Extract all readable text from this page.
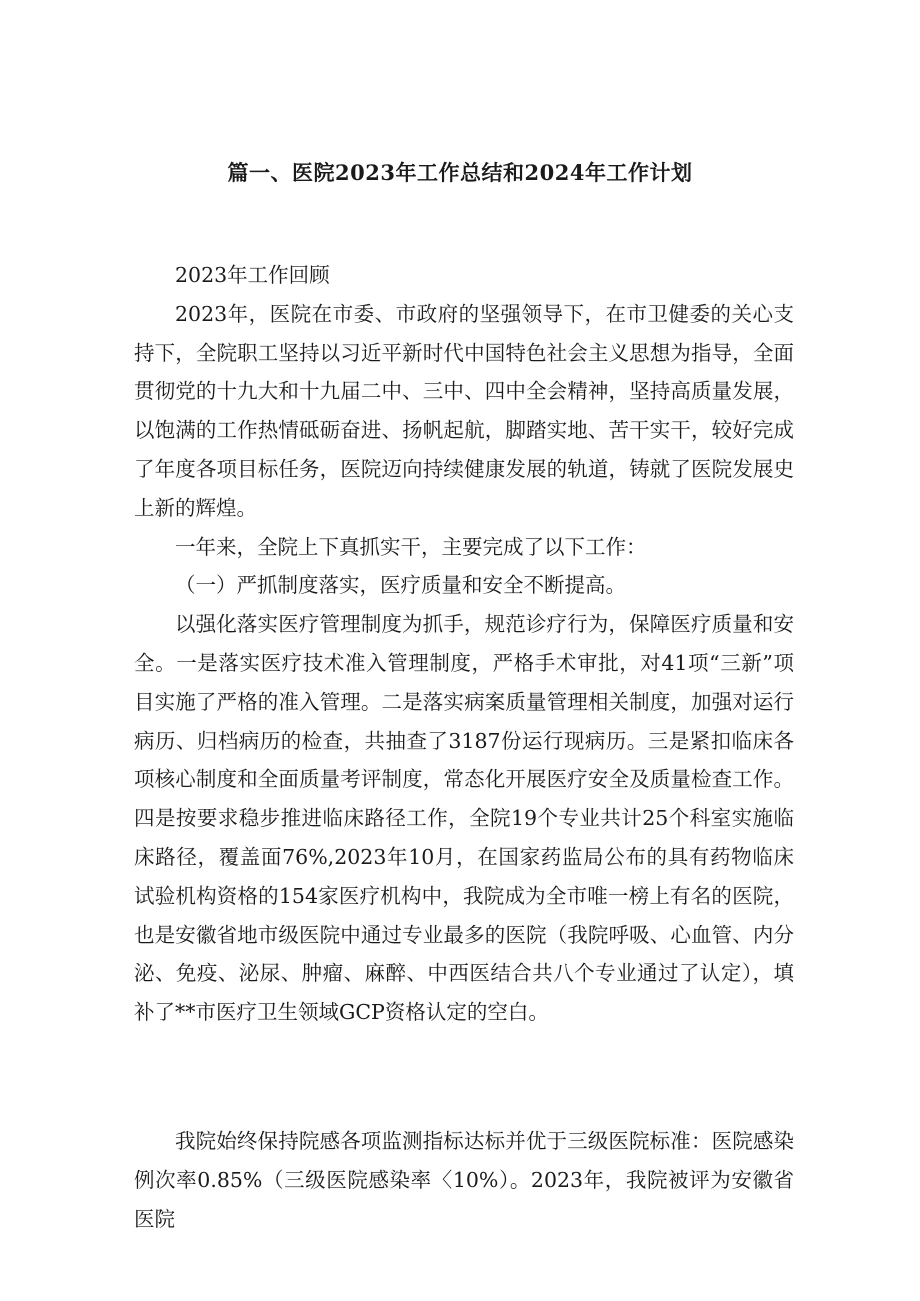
篇一、医院2023年工作总结和2024年工作计划

2023年工作回顾

2023年，医院在市委、市政府的坚强领导下，在市卫健委的关心支持下，全院职工坚持以习近平新时代中国特色社会主义思想为指导，全面贯彻党的十九大和十九届二中、三中、四中全会精神，坚持高质量发展，以饱满的工作热情砥砺奋进、扬帆起航，脚踏实地、苦干实干，较好完成了年度各项目标任务，医院迈向持续健康发展的轨道，铸就了医院发展史上新的辉煌。

一年来，全院上下真抓实干，主要完成了以下工作：

（一）严抓制度落实，医疗质量和安全不断提高。

以强化落实医疗管理制度为抓手，规范诊疗行为，保障医疗质量和安全。一是落实医疗技术准入管理制度，严格手术审批，对41项“三新”项目实施了严格的准入管理。二是落实病案质量管理相关制度，加强对运行病历、归档病历的检查，共抽查了3187份运行现病历。三是紧扣临床各项核心制度和全面质量考评制度，常态化开展医疗安全及质量检查工作。四是按要求稳步推进临床路径工作，全院19个专业共计25个科室实施临床路径，覆盖面76%,2023年10月，在国家药监局公布的具有药物临床试验机构资格的154家医疗机构中，我院成为全市唯一榜上有名的医院，也是安徽省地市级医院中通过专业最多的医院（我院呼吸、心血管、内分泌、免疫、泌尿、肿瘤、麻醉、中西医结合共八个专业通过了认定），填补了**市医疗卫生领域GCP资格认定的空白。

我院始终保持院感各项监测指标达标并优于三级医院标准：医院感染例次率0.85%（三级医院感染率〈10%）。2023年，我院被评为安徽省医院
